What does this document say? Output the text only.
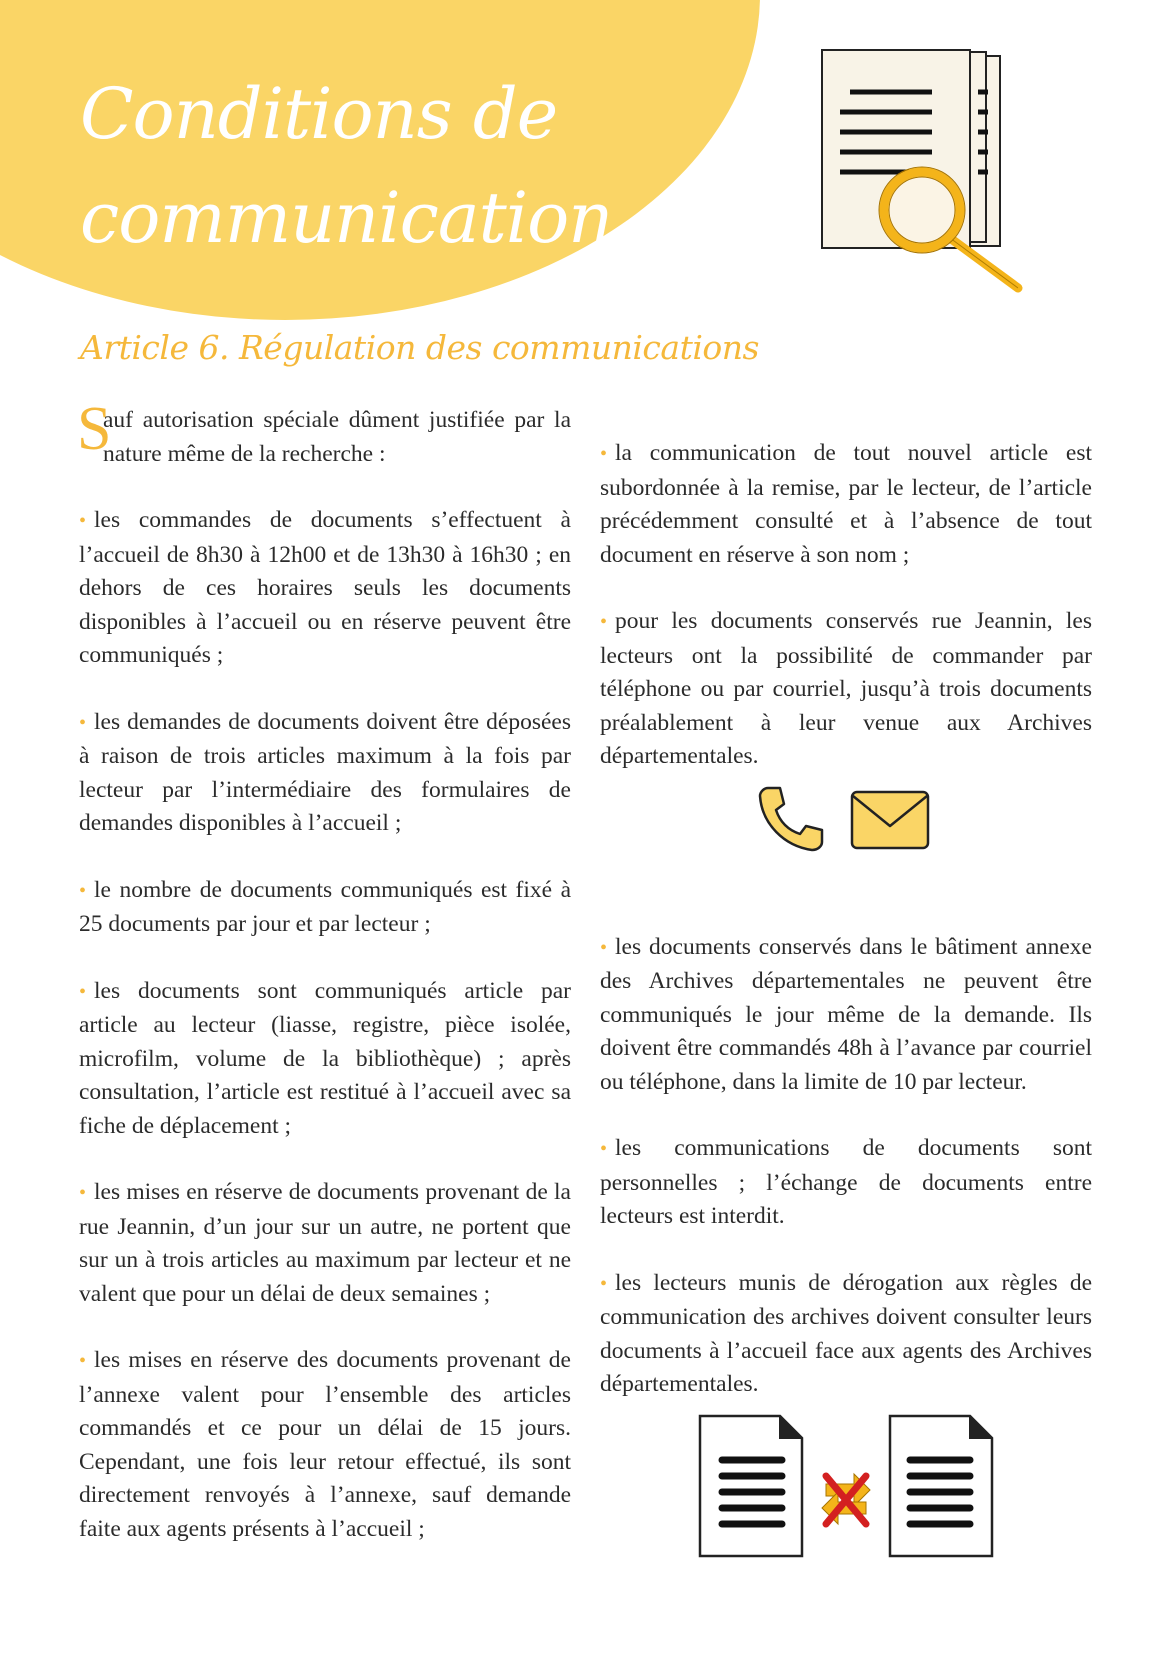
Conditions de
communication
Article 6. Régulation des communications
S
auf autorisation spéciale dûment justifiée par la nature même de la recherche :

• les commandes de documents s’effectuent à l’accueil de 8h30 à 12h00 et de 13h30 à 16h30 ; en dehors de ces horaires seuls les documents disponibles à l’accueil ou en réserve peuvent être communiqués ;

• les demandes de documents doivent être déposées à raison de trois articles maximum à la fois par lecteur par l’intermédiaire des formulaires de demandes disponibles à l’accueil ;

• le nombre de documents communiqués est fixé à 25 documents par jour et par lecteur ;

• les documents sont communiqués article par article au lecteur (liasse, registre, pièce isolée, microfilm, volume de la bibliothèque) ; après consultation, l’article est restitué à l’accueil avec sa fiche de déplacement ;

• les mises en réserve de documents provenant de la rue Jeannin, d’un jour sur un autre, ne portent que sur un à trois articles au maximum par lecteur et ne valent que pour un délai de deux semaines ;

• les mises en réserve des documents provenant de l’annexe valent pour l’ensemble des articles commandés et ce pour un délai de 15 jours. Cependant, une fois leur retour effectué, ils sont directement renvoyés à l’annexe, sauf demande faite aux agents présents à l’accueil ;

• la communication de tout nouvel article est subordonnée à la remise, par le lecteur, de l’article précédemment consulté et à l’absence de tout document en réserve à son nom ;

• pour les documents conservés rue Jeannin, les lecteurs ont la possibilité de commander par téléphone ou par courriel, jusqu’à trois documents préalablement à leur venue aux Archives départementales.

• les documents conservés dans le bâtiment annexe des Archives départementales ne peuvent être communiqués le jour même de la demande. Ils doivent être commandés 48h à l’avance par courriel ou téléphone, dans la limite de 10 par lecteur.

• les communications de documents sont personnelles ; l’échange de documents entre lecteurs est interdit.

• les lecteurs munis de dérogation aux règles de communication des archives doivent consulter leurs documents à l’accueil face aux agents des Archives départementales.
